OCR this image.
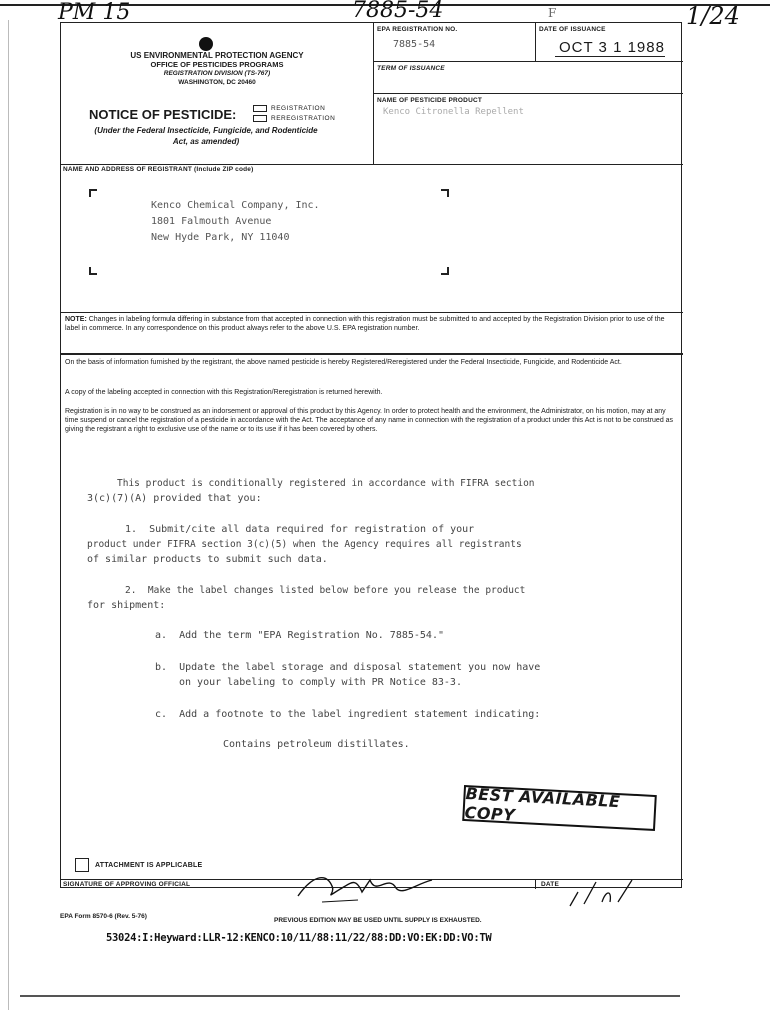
PM 15	7885-54	1/24
F
US ENVIRONMENTAL PROTECTION AGENCY
OFFICE OF PESTICIDES PROGRAMS
REGISTRATION DIVISION (TS-767)
WASHINGTON, DC 20460
NOTICE OF PESTICIDE:	REGISTRATION
REREGISTRATION
(Under the Federal Insecticide, Fungicide, and Rodenticide Act, as amended)
EPA REGISTRATION NO.
7885-54
DATE OF ISSUANCE
OCT 3 1 1988
TERM OF ISSUANCE
NAME OF PESTICIDE PRODUCT
Kenco Citronella Repellent
NAME AND ADDRESS OF REGISTRANT (Include ZIP code)
Kenco Chemical Company, Inc.
1801 Falmouth Avenue
New Hyde Park, NY 11040
NOTE: Changes in labeling formula differing in substance from that accepted in connection with this registration must be submitted to and accepted by the Registration Division prior to use of the label in commerce. In any correspondence on this product always refer to the above U.S. EPA registration number.
On the basis of information furnished by the registrant, the above named pesticide is hereby Registered/Reregistered under the Federal Insecticide, Fungicide, and Rodenticide Act.
A copy of the labeling accepted in connection with this Registration/Reregistration is returned herewith.
Registration is in no way to be construed as an indorsement or approval of this product by this Agency. In order to protect health and the environment, the Administrator, on his motion, may at any time suspend or cancel the registration of a pesticide in accordance with the Act. The acceptance of any name in connection with the registration of a product under this Act is not to be construed as giving the registrant a right to exclusive use of the name or to its use if it has been covered by others.
This product is conditionally registered in accordance with FIFRA section
3(c)(7)(A) provided that you:
1.  Submit/cite all data required for registration of your
product under FIFRA section 3(c)(5) when the Agency requires all registrants
of similar products to submit such data.
2.  Make the label changes listed below before you release the product
for shipment:
a.  Add the term "EPA Registration No. 7885-54."
b.  Update the label storage and disposal statement you now have
on your labeling to comply with PR Notice 83-3.
c.  Add a footnote to the label ingredient statement indicating:
Contains petroleum distillates.
BEST AVAILABLE COPY
ATTACHMENT IS APPLICABLE
SIGNATURE OF APPROVING OFFICIAL	DATE
EPA Form 8570-6 (Rev. 5-76)
PREVIOUS EDITION MAY BE USED UNTIL SUPPLY IS EXHAUSTED.
53024:I:Heyward:LLR-12:KENCO:10/11/88:11/22/88:DD:VO:EK:DD:VO:TW
